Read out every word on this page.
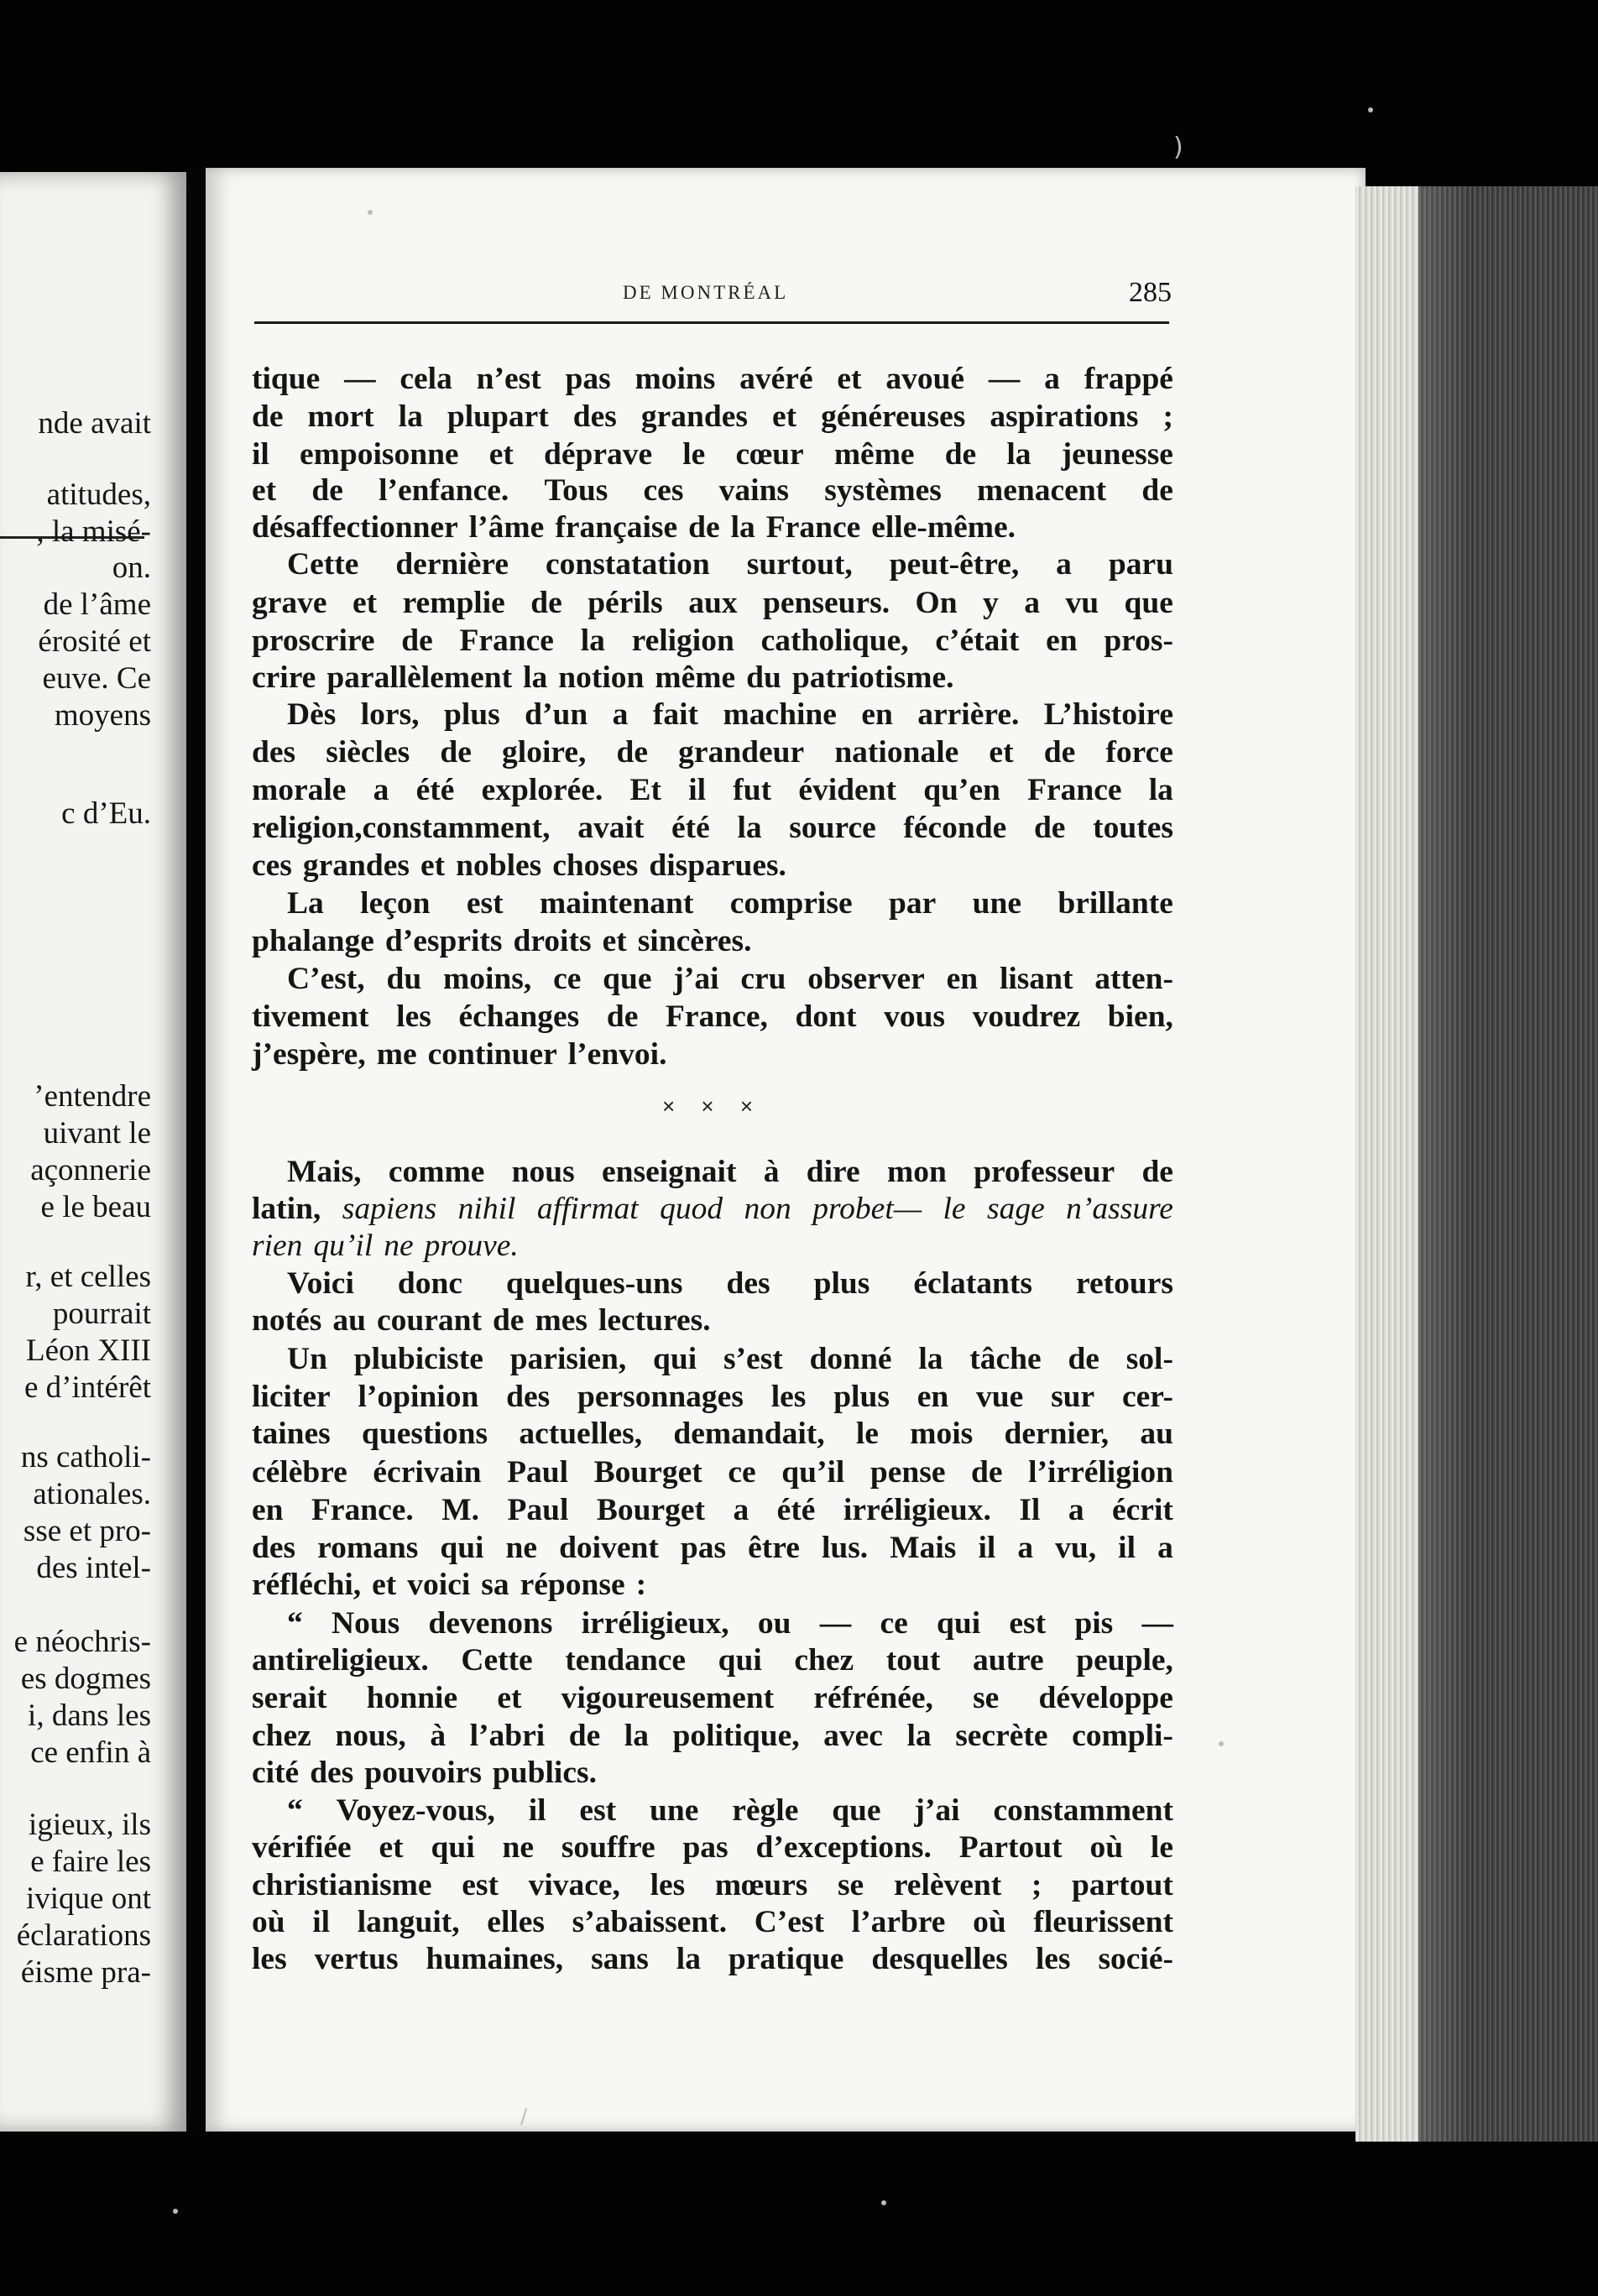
nde avait
atitudes,
, la misé-
on.
de l’âme
érosité et
euve. Ce
moyens
c d’Eu.
’entendre
uivant le
açonnerie
e le beau
r, et celles
pourrait
Léon XIII
e d’intérêt
ns catholi-
ationales.
sse et pro-
des intel-
e néochris-
es dogmes
i, dans les
ce enfin à
igieux, ils
e faire les
ivique ont
éclarations
éisme pra-
DE MONTRÉAL	285
tique — cela n’est pas moins avéré et avoué — a frappé
de mort la plupart des grandes et généreuses aspirations ;
il empoisonne et déprave le cœur même de la jeunesse
et de l’enfance. Tous ces vains systèmes menacent de
désaffectionner l’âme française de la France elle-même.
Cette dernière constatation surtout, peut-être, a paru
grave et remplie de périls aux penseurs. On y a vu que
proscrire de France la religion catholique, c’était en pros-
crire parallèlement la notion même du patriotisme.
Dès lors, plus d’un a fait machine en arrière. L’histoire
des siècles de gloire, de grandeur nationale et de force
morale a été explorée. Et il fut évident qu’en France la
religion,constamment, avait été la source féconde de toutes
ces grandes et nobles choses disparues.
La leçon est maintenant comprise par une brillante
phalange d’esprits droits et sincères.
C’est, du moins, ce que j’ai cru observer en lisant atten-
tivement les échanges de France, dont vous voudrez bien,
j’espère, me continuer l’envoi.
Mais, comme nous enseignait à dire mon professeur de
latin, sapiens nihil affirmat quod non probet— le sage n’assure
rien qu’il ne prouve.
Voici donc quelques-uns des plus éclatants retours
notés au courant de mes lectures.
Un plubiciste parisien, qui s’est donné la tâche de sol-
liciter l’opinion des personnages les plus en vue sur cer-
taines questions actuelles, demandait, le mois dernier, au
célèbre écrivain Paul Bourget ce qu’il pense de l’irréligion
en France. M. Paul Bourget a été irréligieux. Il a écrit
des romans qui ne doivent pas être lus. Mais il a vu, il a
réfléchi, et voici sa réponse :
“ Nous devenons irréligieux, ou — ce qui est pis —
antireligieux. Cette tendance qui chez tout autre peuple,
serait honnie et vigoureusement réfrénée, se développe
chez nous, à l’abri de la politique, avec la secrète compli-
cité des pouvoirs publics.
“ Voyez-vous, il est une règle que j’ai constamment
vérifiée et qui ne souffre pas d’exceptions. Partout où le
christianisme est vivace, les mœurs se relèvent ; partout
où il languit, elles s’abaissent. C’est l’arbre où fleurissent
les vertus humaines, sans la pratique desquelles les socié-
× × ×
)
/
